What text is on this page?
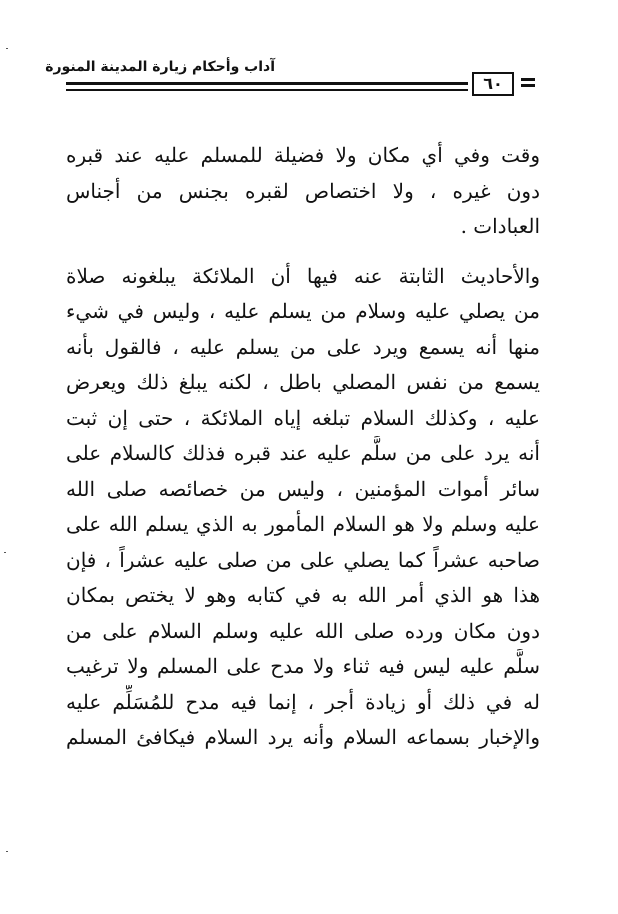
آداب وأحكام زيارة المدينة المنورة
٦٠
وقت وفي أي مكان ولا فضيلة للمسلم عليه عند قبره
دون غيره ، ولا اختصاص لقبره بجنس من أجناس
العبادات .
والأحاديث الثابتة عنه فيها أن الملائكة يبلغونه صلاة
من يصلي عليه وسلام من يسلم عليه ، وليس في شيء
منها أنه يسمع ويرد على من يسلم عليه ، فالقول بأنه
يسمع من نفس المصلي باطل ، لكنه يبلغ ذلك ويعرض
عليه ، وكذلك السلام تبلغه إياه الملائكة ، حتى إن ثبت
أنه يرد على من سلَّم عليه عند قبره فذلك كالسلام على
سائر أموات المؤمنين ، وليس من خصائصه صلى الله
عليه وسلم ولا هو السلام المأمور به الذي يسلم الله على
صاحبه عشراً كما يصلي على من صلى عليه عشراً ، فإن
هذا هو الذي أمر الله به في كتابه وهو لا يختص بمكان
دون مكان ورده صلى الله عليه وسلم السلام على من
سلَّم عليه ليس فيه ثناء ولا مدح على المسلم ولا ترغيب
له في ذلك أو زيادة أجر ، إنما فيه مدح للمُسَلِّم عليه
والإخبار بسماعه السلام وأنه يرد السلام فيكافئ المسلم
